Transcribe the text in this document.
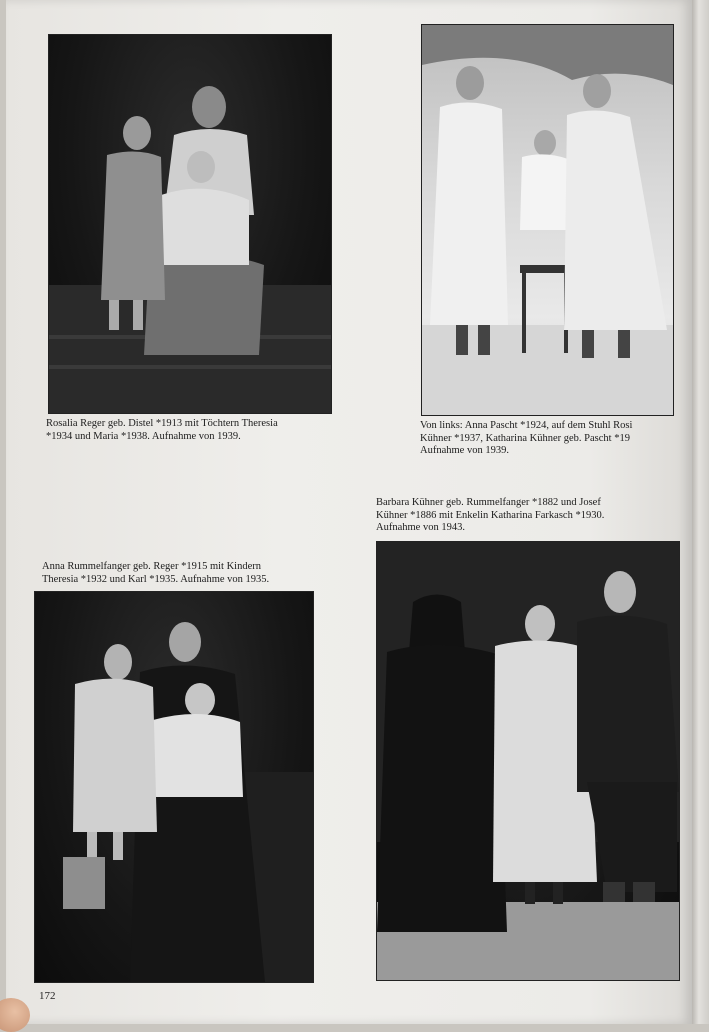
Rosalia Reger geb. Distel *1913 mit Töchtern Theresia
*1934 und Maria *1938. Aufnahme von 1939.
Von links: Anna Pascht *1924, auf dem Stuhl Rosi
Kühner *1937, Katharina Kühner geb. Pascht *19
Aufnahme von 1939.
Anna Rummelfanger geb. Reger *1915 mit Kindern
Theresia *1932 und Karl *1935. Aufnahme von 1935.
Barbara Kühner geb. Rummelfanger *1882 und Josef
Kühner *1886 mit Enkelin Katharina Farkasch *1930.
Aufnahme von 1943.
172
